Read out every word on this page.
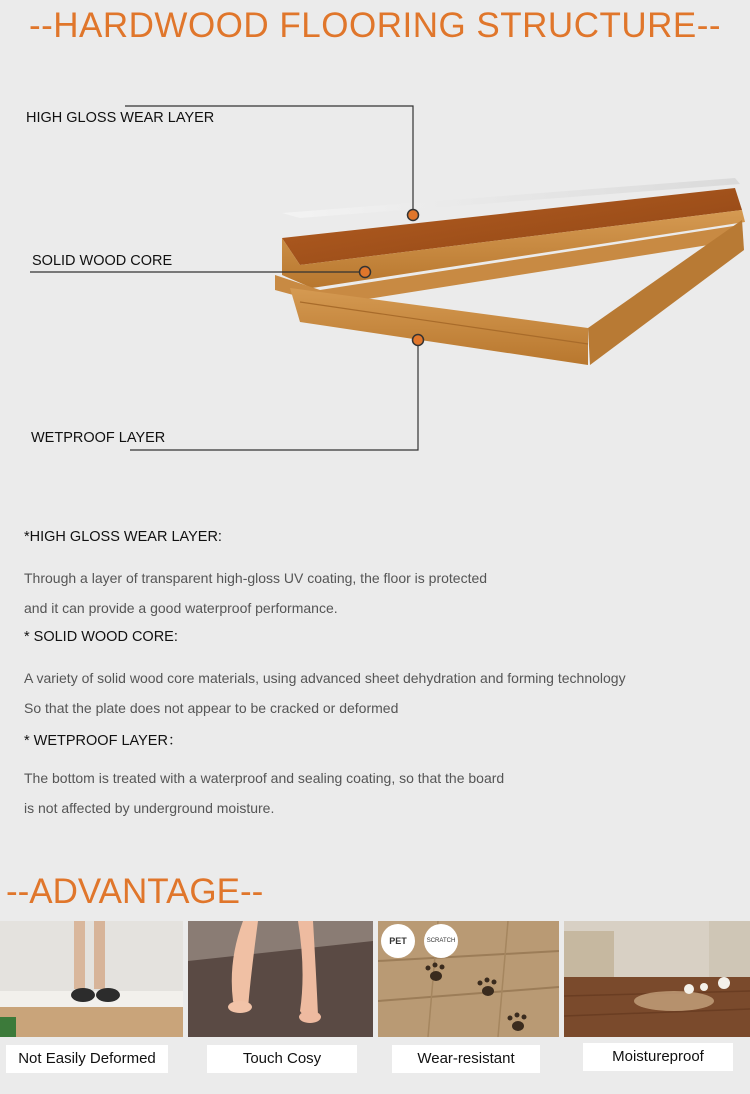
--HARDWOOD FLOORING STRUCTURE--
HIGH GLOSS WEAR LAYER
SOLID WOOD CORE
WETPROOF LAYER
*HIGH GLOSS WEAR LAYER:
Through a layer of transparent high-gloss UV coating, the floor is protected
and it can provide a good waterproof performance.
* SOLID WOOD CORE:
A variety of solid wood core materials, using advanced sheet dehydration and forming technology
So that the plate does not appear to be cracked or deformed
* WETPROOF LAYER：
The bottom is treated with a waterproof and sealing coating, so that the board
is not affected by underground moisture.
--ADVANTAGE--
PET	SCRATCH
Not Easily Deformed	Touch Cosy	Wear-resistant	Moistureproof
